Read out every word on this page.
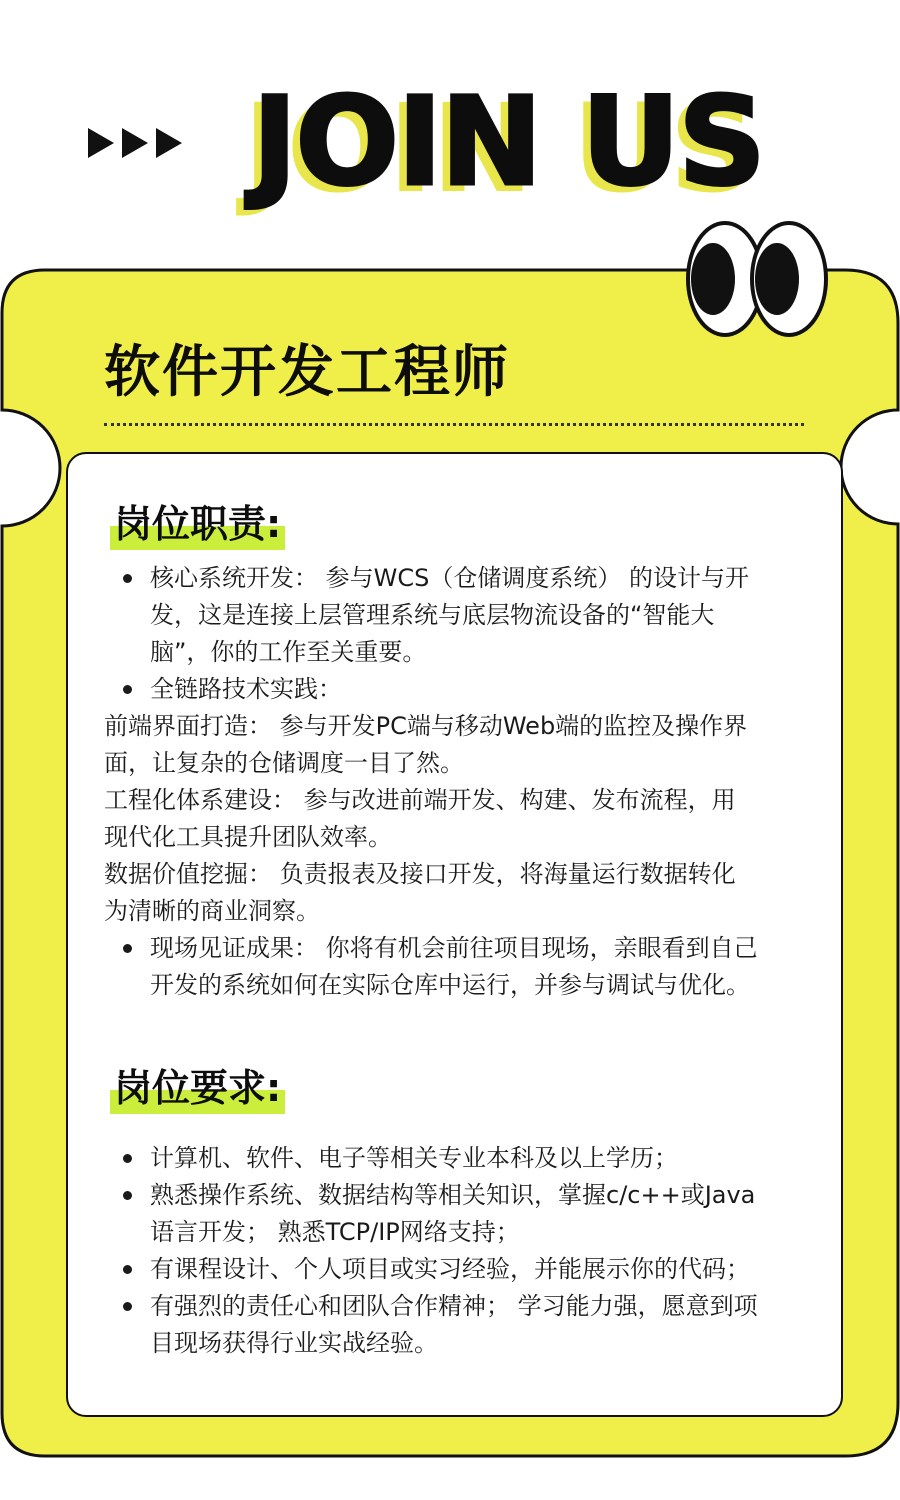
JOIN US
软件开发工程师
岗位职责:

核心系统开发： 参与WCS（仓储调度系统） 的设计与开
发，这是连接上层管理系统与底层物流设备的“智能大
脑”，你的工作至关重要。

全链路技术实践：

前端界面打造： 参与开发PC端与移动Web端的监控及操作界
面，让复杂的仓储调度一目了然。

工程化体系建设： 参与改进前端开发、构建、发布流程，用
现代化工具提升团队效率。

数据价值挖掘： 负责报表及接口开发，将海量运行数据转化
为清晰的商业洞察。

现场见证成果： 你将有机会前往项目现场，亲眼看到自己
开发的系统如何在实际仓库中运行，并参与调试与优化。

岗位要求:

计算机、软件、电子等相关专业本科及以上学历；

熟悉操作系统、数据结构等相关知识，掌握c/c++或Java
语言开发； 熟悉TCP/IP网络支持；

有课程设计、个人项目或实习经验，并能展示你的代码；

有强烈的责任心和团队合作精神； 学习能力强，愿意到项
目现场获得行业实战经验。
